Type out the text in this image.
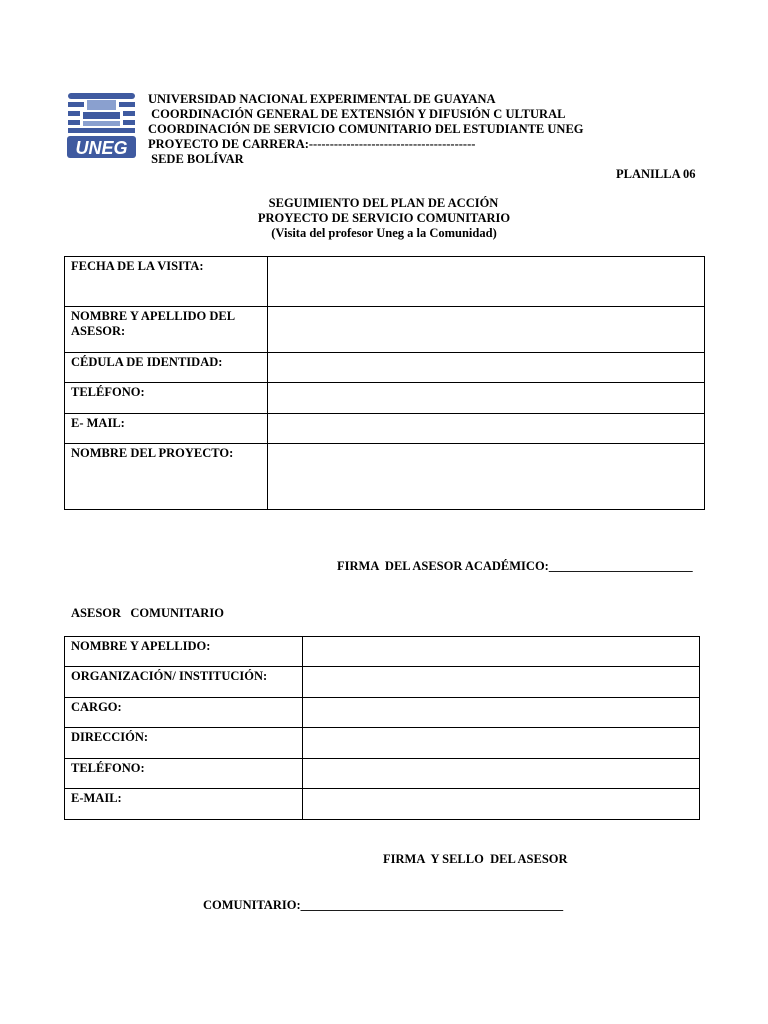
UNEG
UNIVERSIDAD NACIONAL EXPERIMENTAL DE GUAYANA
COORDINACIÓN GENERAL DE EXTENSIÓN Y DIFUSIÓN C ULTURAL
COORDINACIÓN DE SERVICIO COMUNITARIO DEL ESTUDIANTE UNEG
PROYECTO DE CARRERA:----------------------------------------
SEDE BOLÍVAR
PLANILLA 06
SEGUIMIENTO DEL PLAN DE ACCIÓN
PROYECTO DE SERVICIO COMUNITARIO
(Visita del profesor Uneg a la Comunidad)
FECHA DE LA VISITA:	
NOMBRE Y APELLIDO DEL ASESOR:	
CÉDULA DE IDENTIDAD:	
TELÉFONO:	
E- MAIL:	
NOMBRE DEL PROYECTO:	
FIRMA  DEL ASESOR ACADÉMICO:_______________________
ASESOR   COMUNITARIO
NOMBRE Y APELLIDO:	
ORGANIZACIÓN/ INSTITUCIÓN:	
CARGO:	
DIRECCIÓN:	
TELÉFONO:	
E-MAIL:	
FIRMA  Y SELLO  DEL ASESOR
COMUNITARIO:__________________________________________
